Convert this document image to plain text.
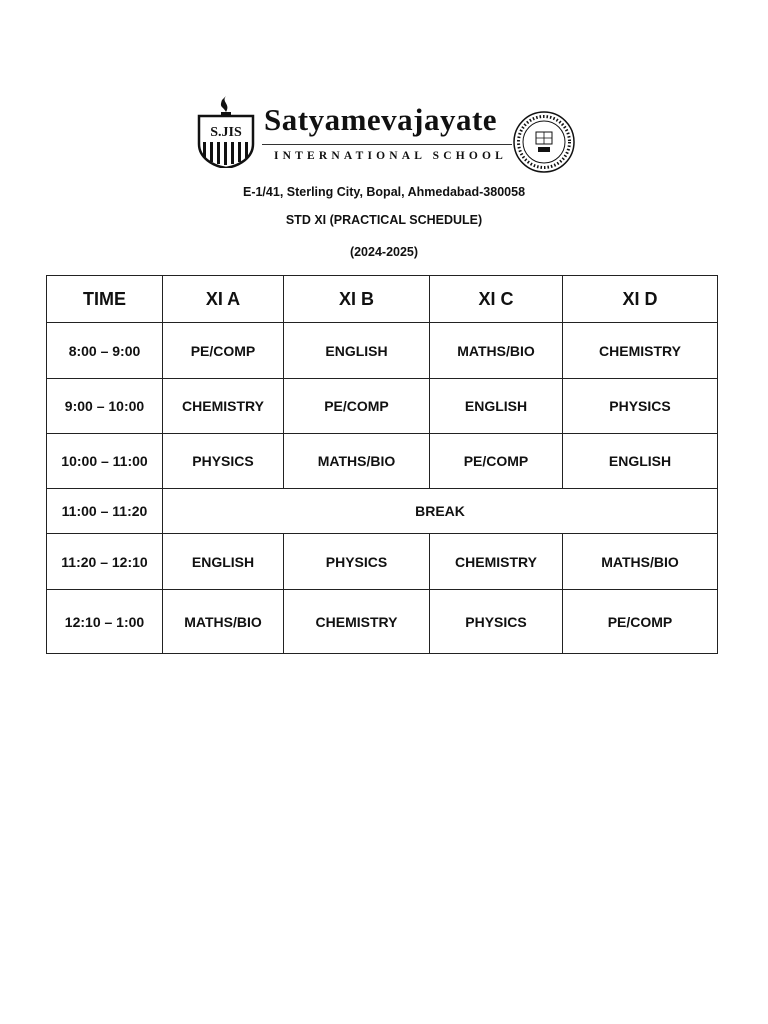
S.JIS Satyamevajayate
INTERNATIONAL SCHOOL
E-1/41, Sterling City, Bopal, Ahmedabad-380058
STD XI (PRACTICAL SCHEDULE)
(2024-2025)
TIME	XI A	XI B	XI C	XI D
8:00 – 9:00	PE/COMP	ENGLISH	MATHS/BIO	CHEMISTRY
9:00 – 10:00	CHEMISTRY	PE/COMP	ENGLISH	PHYSICS
10:00 – 11:00	PHYSICS	MATHS/BIO	PE/COMP	ENGLISH
11:00 – 11:20	BREAK			
11:20 – 12:10	ENGLISH	PHYSICS	CHEMISTRY	MATHS/BIO
12:10 – 1:00	MATHS/BIO	CHEMISTRY	PHYSICS	PE/COMP
